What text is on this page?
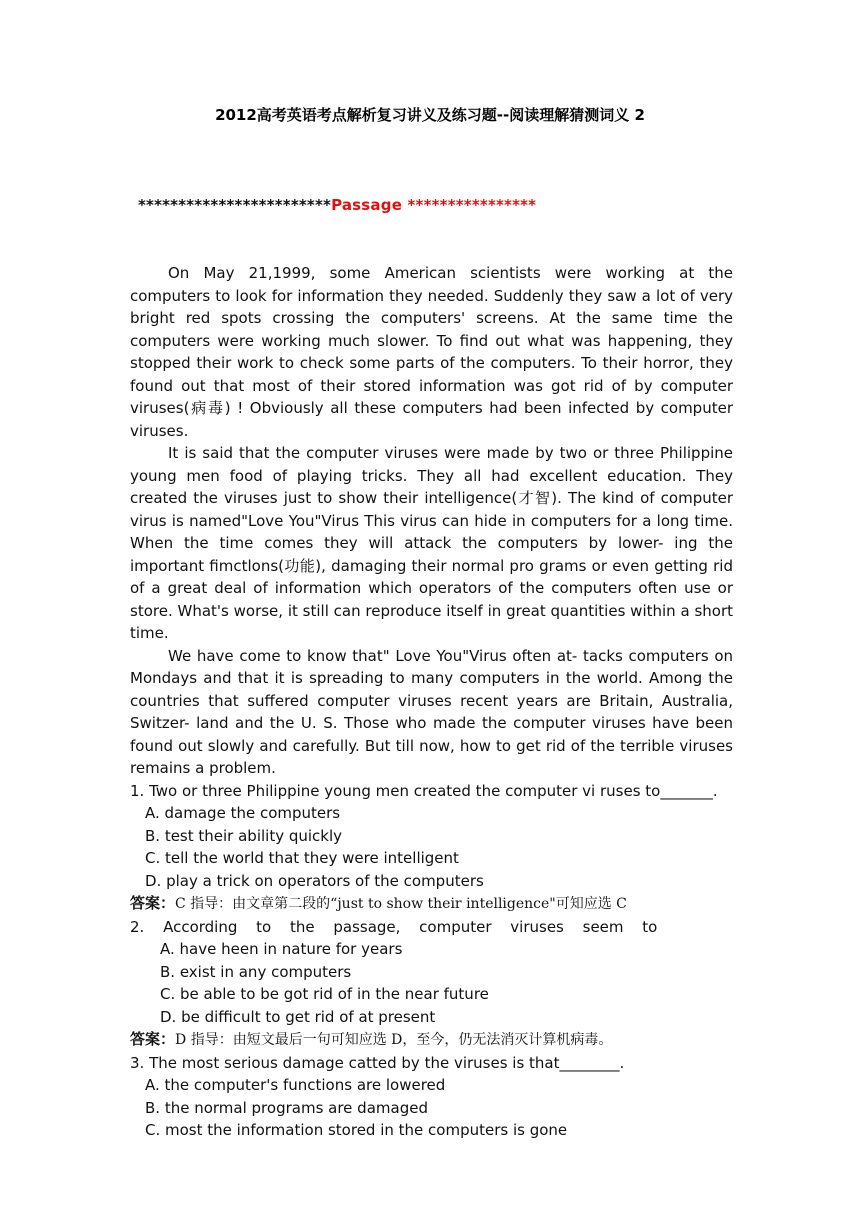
2012高考英语考点解析复习讲义及练习题--阅读理解猜测词义 2
************************Passage ****************

On May 21,1999, some American scientists were working at the computers to look for information they needed. Suddenly they saw a lot of very bright red spots crossing the computers' screens. At the same time the computers were working much slower. To find out what was happening, they stopped their work to check some parts of the computers. To their horror, they found out that most of their stored information was got rid of by computer viruses(病毒) ! Obviously all these computers had been infected by computer viruses.

It is said that the computer viruses were made by two or three Philippine young men food of playing tricks. They all had excellent education. They created the viruses just to show their intelligence(才智). The kind of computer virus is named"Love You"Virus This virus can hide in computers for a long time. When the time comes they will attack the computers by lower- ing the important fimctlons(功能), damaging their normal pro grams or even getting rid of a great deal of information which operators of the computers often use or store. What's worse, it still can reproduce itself in great quantities within a short time.

We have come to know that" Love You"Virus often at- tacks computers on Mondays and that it is spreading to many computers in the world. Among the countries that suffered computer viruses recent years are Britain, Australia, Switzer- land and the U. S. Those who made the computer viruses have been found out slowly and carefully. But till now, how to get rid of the terrible viruses remains a problem.

1. Two or three Philippine young men created the computer vi ruses to_______.

A. damage the computers

B. test their ability quickly

C. tell the world that they were intelligent

D. play a trick on operators of the computers

答案：C 指导：由文章第二段的“just to show their intelligence"可知应选 C

2. According to the passage, computer viruses seem to

A. have heen in nature for years

B. exist in any computers

C. be able to be got rid of in the near future

D. be difficult to get rid of at present

答案：D 指导：由短文最后一句可知应选 D，至今，仍无法消灭计算机病毒。

3. The most serious damage catted by the viruses is that________.

A. the computer's functions are lowered

B. the normal programs are damaged

C. most the information stored in the computers is gone
